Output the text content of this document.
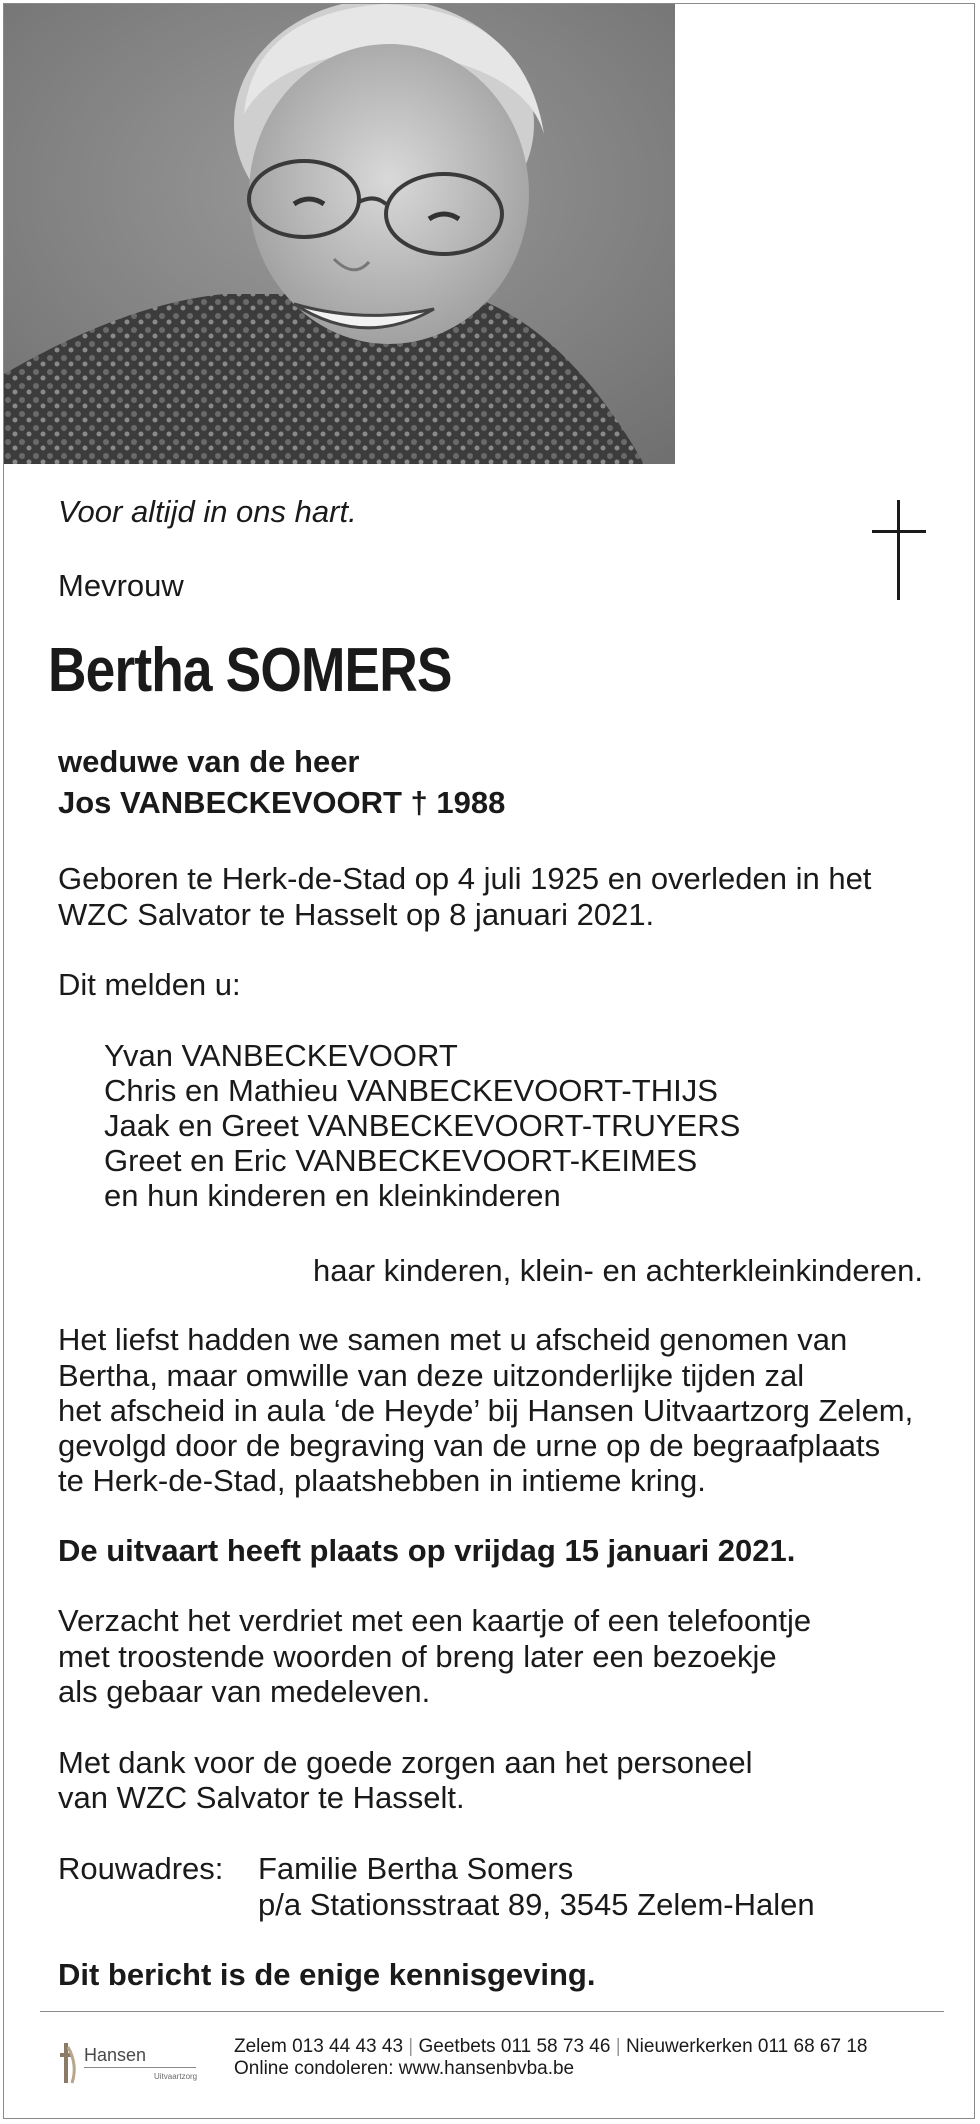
Voor altijd in ons hart.

Mevrouw

Bertha SOMERS

weduwe van de heer

Jos VANBECKEVOORT † 1988

Geboren te Herk-de-Stad op 4 juli 1925 en overleden in het

WZC Salvator te Hasselt op 8 januari 2021.

Dit melden u:

Yvan VANBECKEVOORT
Chris en Mathieu VANBECKEVOORT-THIJS
Jaak en Greet VANBECKEVOORT-TRUYERS
Greet en Eric VANBECKEVOORT-KEIMES
en hun kinderen en kleinkinderen

haar kinderen, klein- en achterkleinkinderen.

Het liefst hadden we samen met u afscheid genomen van

Bertha, maar omwille van deze uitzonderlijke tijden zal

het afscheid in aula ‘de Heyde’ bij Hansen Uitvaartzorg Zelem,

gevolgd door de begraving van de urne op de begraafplaats

te Herk-de-Stad, plaatshebben in intieme kring.

De uitvaart heeft plaats op vrijdag 15 januari 2021.

Verzacht het verdriet met een kaartje of een telefoontje

met troostende woorden of breng later een bezoekje

als gebaar van medeleven.

Met dank voor de goede zorgen aan het personeel

van WZC Salvator te Hasselt.

Rouwadres: Familie Bertha Somers

p/a Stationsstraat 89, 3545 Zelem-Halen

Dit bericht is de enige kennisgeving.

Hansen
Uitvaartzorg

Zelem 013 44 43 43 | Geetbets 011 58 73 46 | Nieuwerkerken 011 68 67 18
Online condoleren: www.hansenbvba.be
